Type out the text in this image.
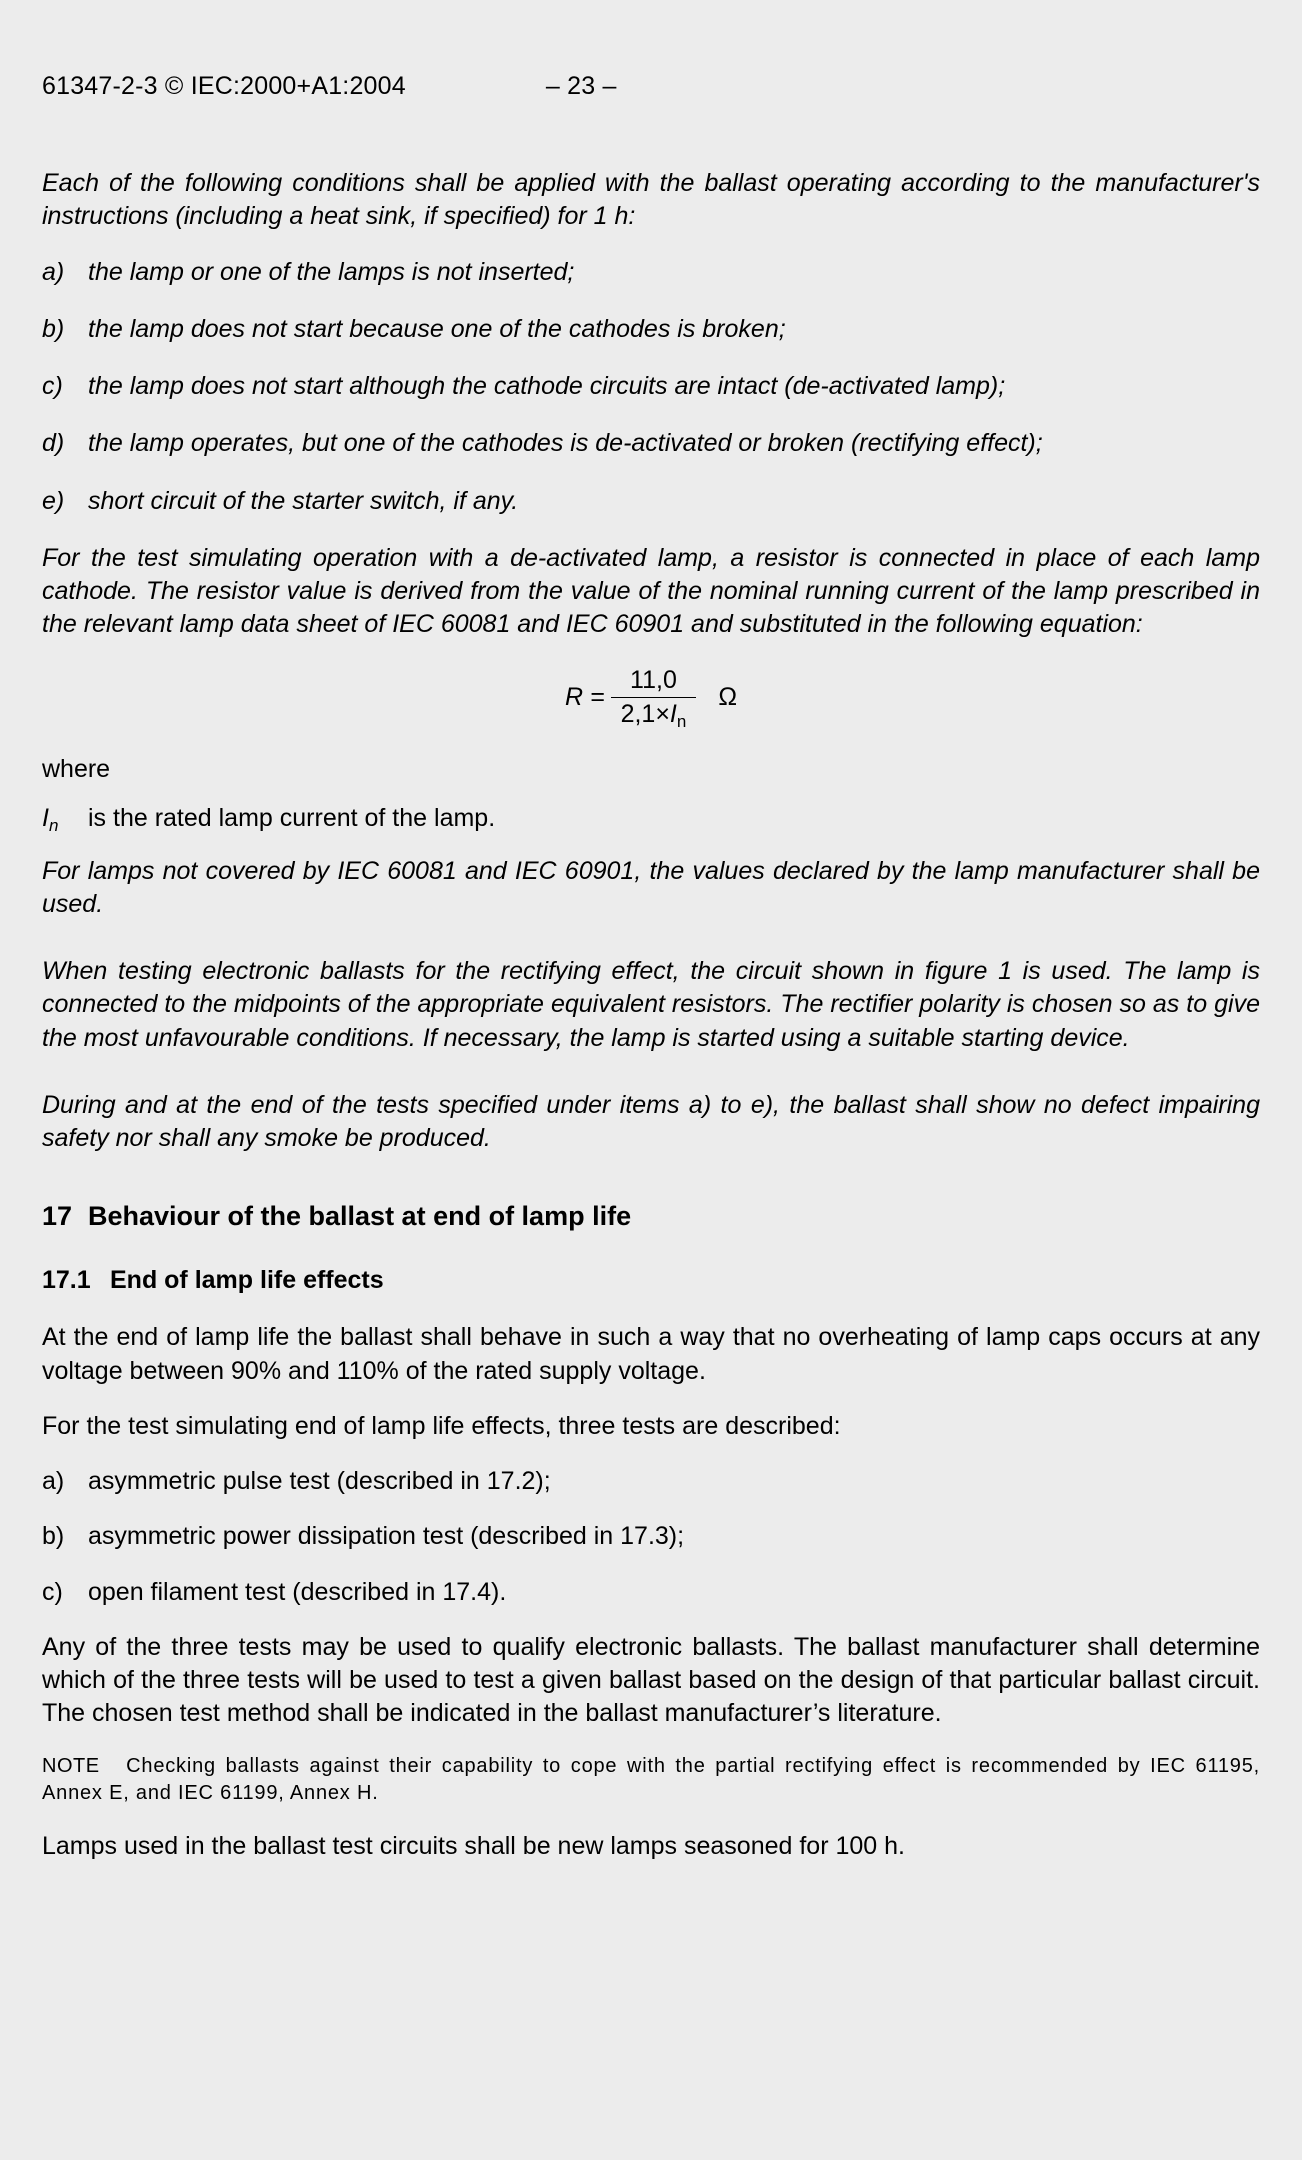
61347-2-3 © IEC:2000+A1:2004	– 23 –

Each of the following conditions shall be applied with the ballast operating according to the manufacturer's instructions (including a heat sink, if specified) for 1 h:

a) the lamp or one of the lamps is not inserted;
b) the lamp does not start because one of the cathodes is broken;
c)	the lamp does not start although the cathode circuits are intact (de-activated lamp);
d) the lamp operates, but one of the cathodes is de-activated or broken (rectifying effect);
e) short circuit of the starter switch, if any.

For the test simulating operation with a de-activated lamp, a resistor is connected in place of each lamp cathode. The resistor value is derived from the value of the nominal running current of the lamp prescribed in the relevant lamp data sheet of IEC 60081 and IEC 60901 and substituted in the following equation:

$R = \frac{11,0}{2,1\times I_n}$ Ω
where
$I_n$	is the rated lamp current of the lamp.

For lamps not covered by IEC 60081 and IEC 60901, the values declared by the lamp manufacturer shall be used.

When testing electronic ballasts for the rectifying effect, the circuit shown in figure 1 is used. The lamp is connected to the midpoints of the appropriate equivalent resistors. The rectifier polarity is chosen so as to give the most unfavourable conditions. If necessary, the lamp is started using a suitable starting device.

During and at the end of the tests specified under items a) to e), the ballast shall show no defect impairing safety nor shall any smoke be produced.

17 Behaviour of the ballast at end of lamp life
17.1 End of lamp life effects

At the end of lamp life the ballast shall behave in such a way that no overheating of lamp caps occurs at any voltage between 90% and 110% of the rated supply voltage.

For the test simulating end of lamp life effects, three tests are described:

a) asymmetric pulse test (described in 17.2);
b) asymmetric power dissipation test (described in 17.3);
c)	open filament test (described in 17.4).

Any of the three tests may be used to qualify electronic ballasts. The ballast manufacturer shall determine which of the three tests will be used to test a given ballast based on the design of that particular ballast circuit. The chosen test method shall be indicated in the ballast manufacturer’s literature.

NOTE Checking ballasts against their capability to cope with the partial rectifying effect is recommended by IEC 61195, Annex E, and IEC 61199, Annex H.

Lamps used in the ballast test circuits shall be new lamps seasoned for 100 h.
